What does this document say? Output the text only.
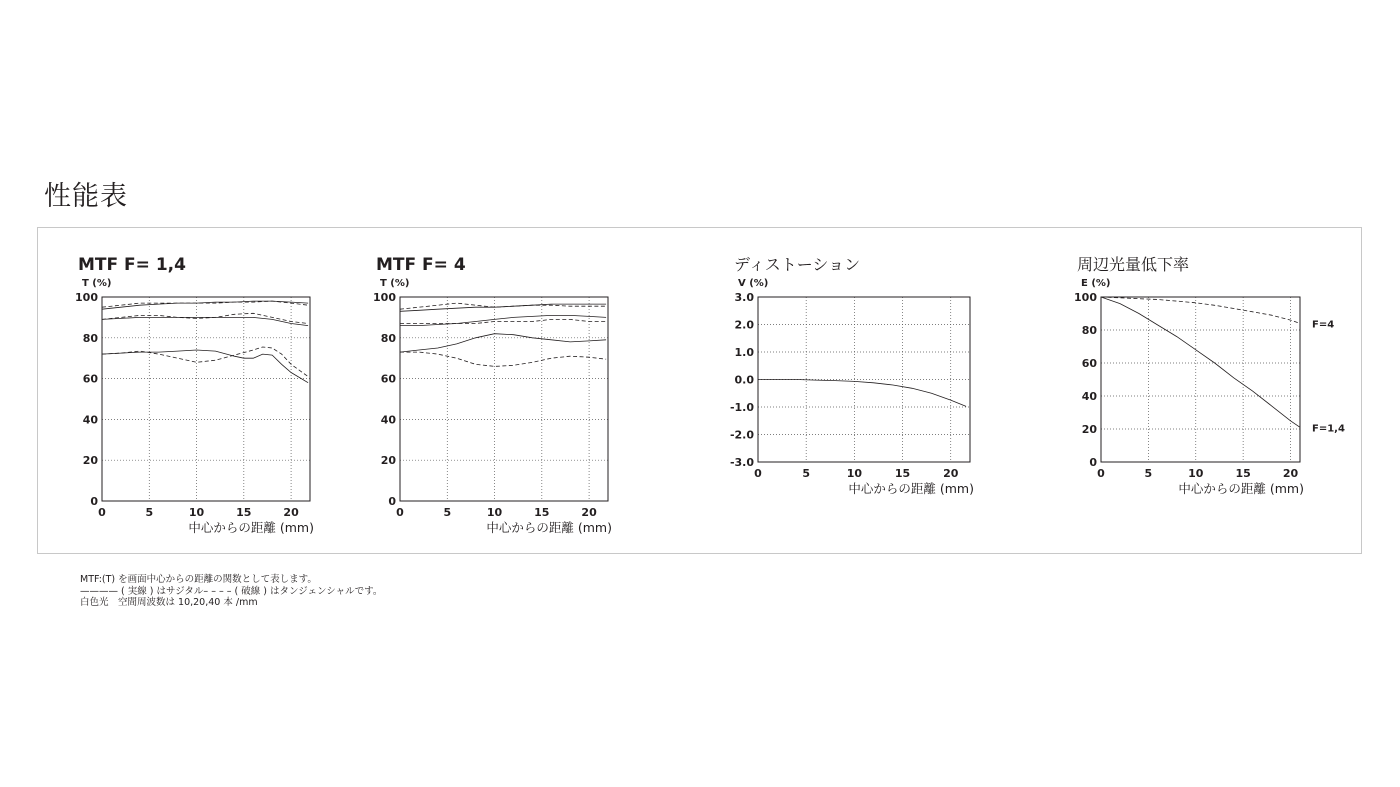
性能表
MTF F= 1,4
T (%)
0
20
40
60
80
100
0	5	10	15	20
中心からの距離 (mm)
MTF F= 4
T (%)
0
20
40
60
80
100
0	5	10	15	20
中心からの距離 (mm)
ディストーション
V (%)
-3.0
-2.0
-1.0
0.0
1.0
2.0
3.0
0	5	10	15	20
中心からの距離 (mm)
周辺光量低下率
E (%)
0
20
40
60
80
100
0	5	10	15	20
中心からの距離 (mm)
F=4
F=1,4
MTF:(T) を画面中心からの距離の関数として表します。
———— ( 実線 ) はサジタル– – – – ( 破線 ) はタンジェンシャルです。
白色光　空間周波数は 10,20,40 本 /mm
